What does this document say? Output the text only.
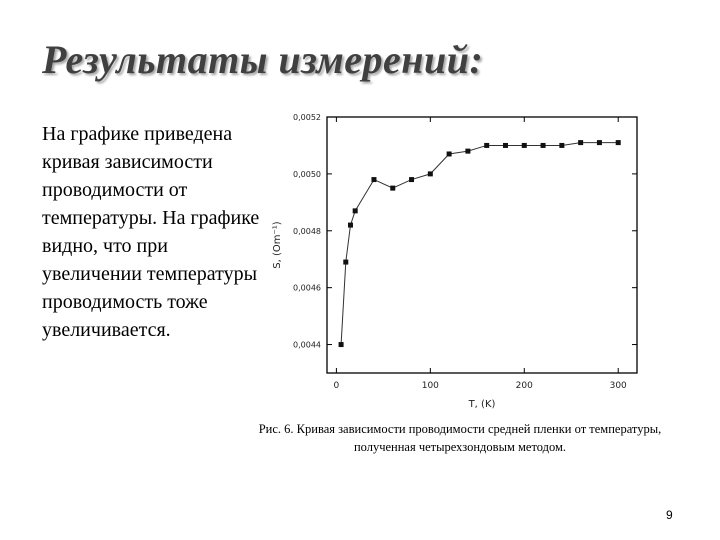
Результаты измерений:
На графике приведена кривая зависимости проводимости от температуры. На графике видно, что при увеличении температуры проводимость тоже увеличивается.
0	100	200	300
0,0044
0,0046
0,0048
0,0050
0,0052
T, (K)
S, (Om⁻¹)
Рис. 6. Кривая зависимости проводимости средней пленки от температуры,
полученная четырехзондовым методом.
9
